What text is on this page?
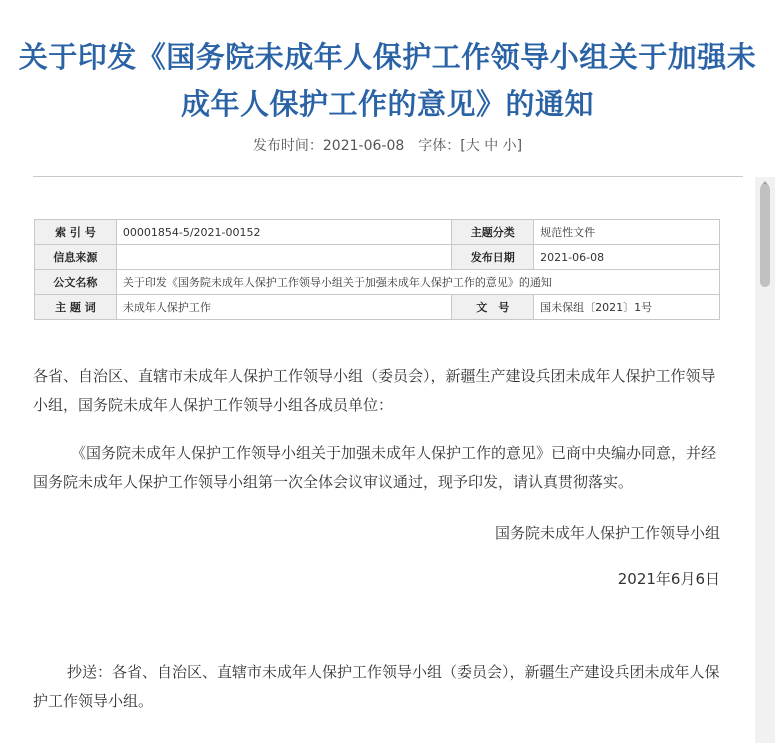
关于印发《国务院未成年人保护工作领导小组关于加强未成年人保护工作的意见》的通知
发布时间：2021-06-08 字体：[大 中 小]
索 引 号	00001854-5/2021-00152	主题分类	规范性文件
信息来源		发布日期	2021-06-08
公文名称	关于印发《国务院未成年人保护工作领导小组关于加强未成年人保护工作的意见》的通知		
主 题 词	未成年人保护工作	文　号	国未保组〔2021〕1号

各省、自治区、直辖市未成年人保护工作领导小组（委员会），新疆生产建设兵团未成年人保护工作领导小组，国务院未成年人保护工作领导小组各成员单位：

《国务院未成年人保护工作领导小组关于加强未成年人保护工作的意见》已商中央编办同意，并经国务院未成年人保护工作领导小组第一次全体会议审议通过，现予印发，请认真贯彻落实。

国务院未成年人保护工作领导小组

2021年6月6日

抄送：各省、自治区、直辖市未成年人保护工作领导小组（委员会），新疆生产建设兵团未成年人保护工作领导小组。
